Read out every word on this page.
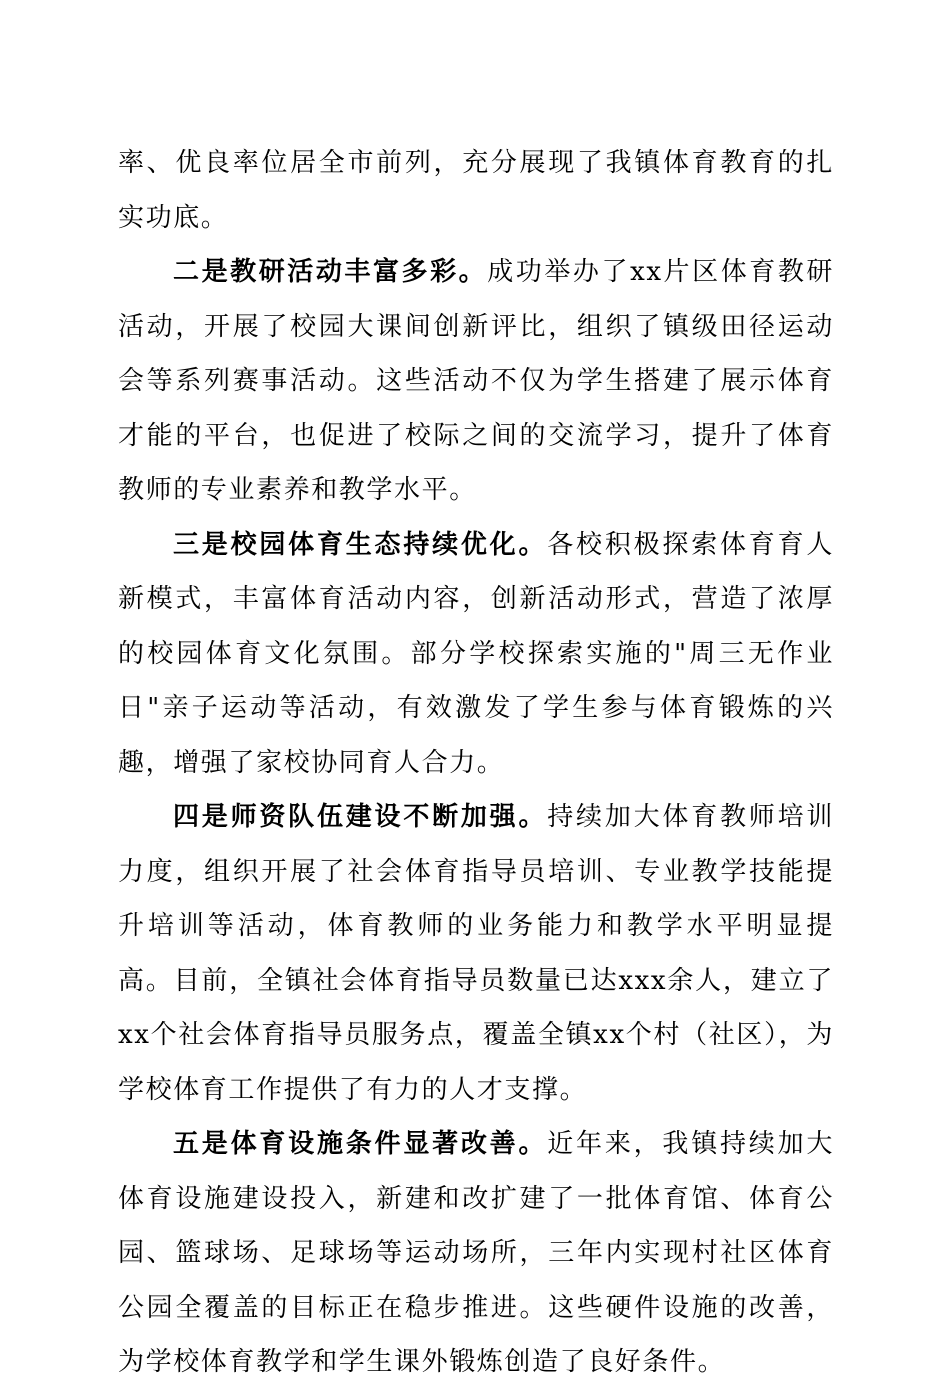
率、优良率位居全市前列，充分展现了我镇体育教育的扎实功底。

二是教研活动丰富多彩。成功举办了xx片区体育教研活动，开展了校园大课间创新评比，组织了镇级田径运动会等系列赛事活动。这些活动不仅为学生搭建了展示体育才能的平台，也促进了校际之间的交流学习，提升了体育教师的专业素养和教学水平。

三是校园体育生态持续优化。各校积极探索体育育人新模式，丰富体育活动内容，创新活动形式，营造了浓厚的校园体育文化氛围。部分学校探索实施的"周三无作业日"亲子运动等活动，有效激发了学生参与体育锻炼的兴趣，增强了家校协同育人合力。

四是师资队伍建设不断加强。持续加大体育教师培训力度，组织开展了社会体育指导员培训、专业教学技能提升培训等活动，体育教师的业务能力和教学水平明显提高。目前，全镇社会体育指导员数量已达xxx余人，建立了xx个社会体育指导员服务点，覆盖全镇xx个村（社区），为学校体育工作提供了有力的人才支撑。

五是体育设施条件显著改善。近年来，我镇持续加大体育设施建设投入，新建和改扩建了一批体育馆、体育公园、篮球场、足球场等运动场所，三年内实现村社区体育公园全覆盖的目标正在稳步推进。这些硬件设施的改善，为学校体育教学和学生课外锻炼创造了良好条件。
